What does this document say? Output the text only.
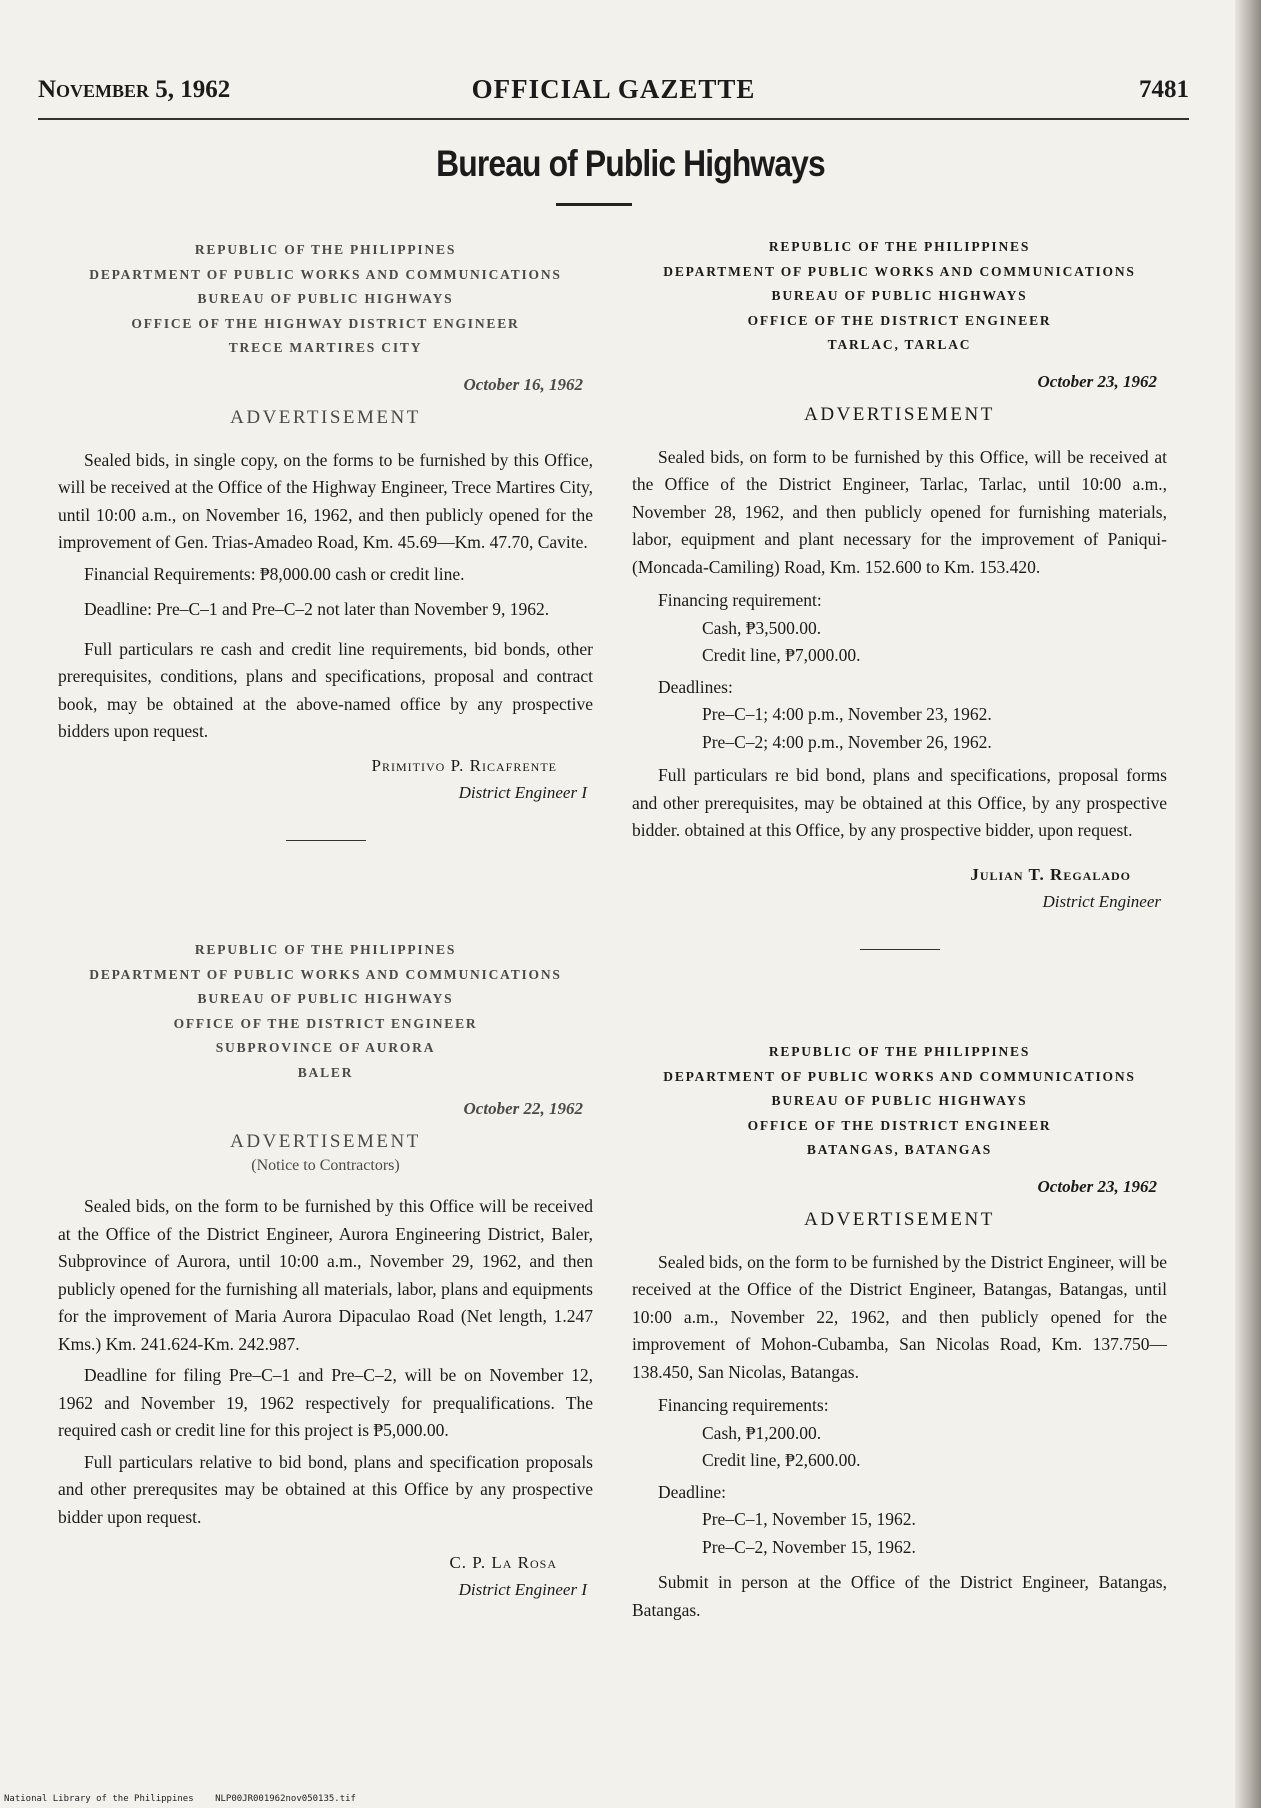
November 5, 1962	OFFICIAL GAZETTE	7481
Bureau of Public Highways
REPUBLIC OF THE PHILIPPINES
DEPARTMENT OF PUBLIC WORKS AND COMMUNICATIONS
BUREAU OF PUBLIC HIGHWAYS
OFFICE OF THE HIGHWAY DISTRICT ENGINEER
TRECE MARTIRES CITY
October 16, 1962
ADVERTISEMENT

Sealed bids, in single copy, on the forms to be furnished by this Office, will be received at the Office of the Highway Engineer, Trece Martires City, until 10:00 a.m., on November 16, 1962, and then publicly opened for the improvement of Gen. Trias-Amadeo Road, Km. 45.69—Km. 47.70, Cavite.

Financial Requirements: ₱8,000.00 cash or credit line.

Deadline: Pre–C–1 and Pre–C–2 not later than November 9, 1962.

Full particulars re cash and credit line requirements, bid bonds, other prerequisites, conditions, plans and specifications, proposal and contract book, may be obtained at the above-named office by any prospective bidders upon request.

Primitivo P. Ricafrente
District Engineer I
REPUBLIC OF THE PHILIPPINES
DEPARTMENT OF PUBLIC WORKS AND COMMUNICATIONS
BUREAU OF PUBLIC HIGHWAYS
OFFICE OF THE DISTRICT ENGINEER
SUBPROVINCE OF AURORA
BALER
October 22, 1962
ADVERTISEMENT
(Notice to Contractors)

Sealed bids, on the form to be furnished by this Office will be received at the Office of the District Engineer, Aurora Engineering District, Baler, Subprovince of Aurora, until 10:00 a.m., November 29, 1962, and then publicly opened for the furnishing all materials, labor, plans and equipments for the improvement of Maria Aurora Dipaculao Road (Net length, 1.247 Kms.) Km. 241.624-Km. 242.987.

Deadline for filing Pre–C–1 and Pre–C–2, will be on November 12, 1962 and November 19, 1962 respectively for prequalifications. The required cash or credit line for this project is ₱5,000.00.

Full particulars relative to bid bond, plans and specification proposals and other prerequsites may be obtained at this Office by any prospective bidder upon request.

C. P. La Rosa
District Engineer I
REPUBLIC OF THE PHILIPPINES
DEPARTMENT OF PUBLIC WORKS AND COMMUNICATIONS
BUREAU OF PUBLIC HIGHWAYS
OFFICE OF THE DISTRICT ENGINEER
TARLAC, TARLAC
October 23, 1962
ADVERTISEMENT

Sealed bids, on form to be furnished by this Office, will be received at the Office of the District Engineer, Tarlac, Tarlac, until 10:00 a.m., November 28, 1962, and then publicly opened for furnishing materials, labor, equipment and plant necessary for the improvement of Paniqui-(Moncada-Camiling) Road, Km. 152.600 to Km. 153.420.

Financing requirement:

Cash, ₱3,500.00.
Credit line, ₱7,000.00.

Deadlines:

Pre–C–1; 4:00 p.m., November 23, 1962.
Pre–C–2; 4:00 p.m., November 26, 1962.

Full particulars re bid bond, plans and specifications, proposal forms and other prerequisites, may be obtained at this Office, by any prospective bidder. obtained at this Office, by any prospective bidder, upon request.

Julian T. Regalado
District Engineer
REPUBLIC OF THE PHILIPPINES
DEPARTMENT OF PUBLIC WORKS AND COMMUNICATIONS
BUREAU OF PUBLIC HIGHWAYS
OFFICE OF THE DISTRICT ENGINEER
BATANGAS, BATANGAS
October 23, 1962
ADVERTISEMENT

Sealed bids, on the form to be furnished by the District Engineer, will be received at the Office of the District Engineer, Batangas, Batangas, until 10:00 a.m., November 22, 1962, and then publicly opened for the improvement of Mohon-Cubamba, San Nicolas Road, Km. 137.750—138.450, San Nicolas, Batangas.

Financing requirements:

Cash, ₱1,200.00.
Credit line, ₱2,600.00.

Deadline:

Pre–C–1, November 15, 1962.
Pre–C–2, November 15, 1962.

Submit in person at the Office of the District Engineer, Batangas, Batangas.

National Library of the Philippines NLP00JR001962nov050135.tif
